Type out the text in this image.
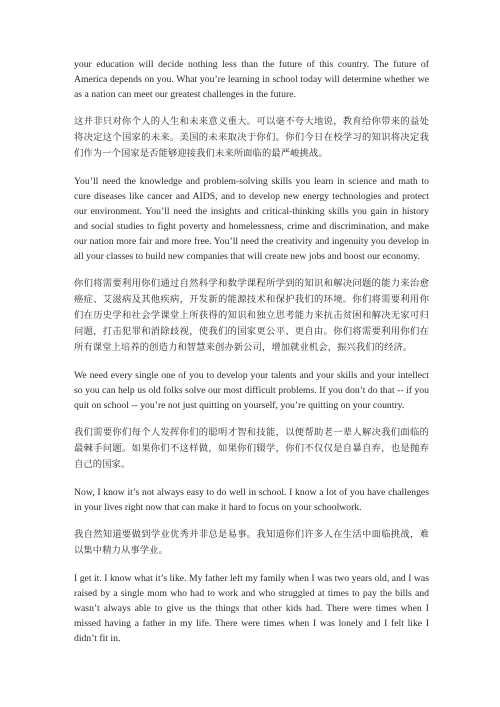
your education will decide nothing less than the future of this country. The future of America depends on you. What you’re learning in school today will determine whether we as a nation can meet our greatest challenges in the future.

这并非只对你个人的人生和未来意义重大。可以毫不夸大地说，教育给你带来的益处将决定这个国家的未来。美国的未来取决于你们。你们今日在校学习的知识将决定我们作为一个国家是否能够迎接我们未来所面临的最严峻挑战。

You’ll need the knowledge and problem-solving skills you learn in science and math to cure diseases like cancer and AIDS, and to develop new energy technologies and protect our environment. You’ll need the insights and critical-thinking skills you gain in history and social studies to fight poverty and homelessness, crime and discrimination, and make our nation more fair and more free. You’ll need the creativity and ingenuity you develop in all your classes to build new companies that will create new jobs and boost our economy.

你们将需要利用你们通过自然科学和数学课程所学到的知识和解决问题的能力来治愈癌症、艾滋病及其他疾病，开发新的能源技术和保护我们的环境。你们将需要利用你们在历史学和社会学课堂上所获得的知识和独立思考能力来抗击贫困和解决无家可归问题，打击犯罪和消除歧视，使我们的国家更公平、更自由。你们将需要利用你们在所有课堂上培养的创造力和智慧来创办新公司，增加就业机会，振兴我们的经济。

We need every single one of you to develop your talents and your skills and your intellect so you can help us old folks solve our most difficult problems. If you don’t do that -- if you quit on school -- you’re not just quitting on yourself, you’re quitting on your country.

我们需要你们每个人发挥你们的聪明才智和技能，以便帮助老一辈人解决我们面临的最棘手问题。如果你们不这样做，如果你们辍学，你们不仅仅是自暴自弃，也是抛弃自己的国家。

Now, I know it’s not always easy to do well in school. I know a lot of you have challenges in your lives right now that can make it hard to focus on your schoolwork.

我自然知道要做到学业优秀并非总是易事。我知道你们许多人在生活中面临挑战，难以集中精力从事学业。

I get it. I know what it’s like. My father left my family when I was two years old, and I was raised by a single mom who had to work and who struggled at times to pay the bills and wasn’t always able to give us the things that other kids had. There were times when I missed having a father in my life. There were times when I was lonely and I felt like I didn’t fit in.
